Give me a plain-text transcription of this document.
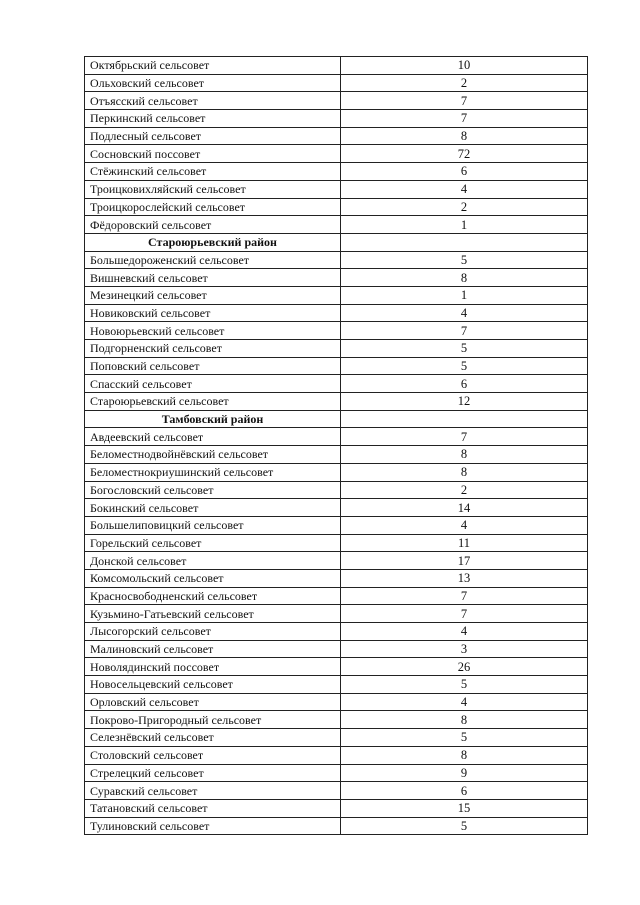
Октябрьский сельсовет	10
Ольховский сельсовет	2
Отъясский сельсовет	7
Перкинский сельсовет	7
Подлесный сельсовет	8
Сосновский поссовет	72
Стёжинский сельсовет	6
Троицковихляйский сельсовет	4
Троицкорослейский сельсовет	2
Фёдоровский сельсовет	1
Староюрьевский район	
Большедороженский сельсовет	5
Вишневский сельсовет	8
Мезинецкий сельсовет	1
Новиковский сельсовет	4
Новоюрьевский сельсовет	7
Подгорненский сельсовет	5
Поповский сельсовет	5
Спасский сельсовет	6
Староюрьевский сельсовет	12
Тамбовский район	
Авдеевский сельсовет	7
Беломестнодвойнёвский сельсовет	8
Беломестнокриушинский сельсовет	8
Богословский сельсовет	2
Бокинский сельсовет	14
Большелиповицкий сельсовет	4
Горельский сельсовет	11
Донской сельсовет	17
Комсомольский сельсовет	13
Красносвободненский сельсовет	7
Кузьмино-Гатьевский сельсовет	7
Лысогорский сельсовет	4
Малиновский сельсовет	3
Новолядинский поссовет	26
Новосельцевский сельсовет	5
Орловский сельсовет	4
Покрово-Пригородный сельсовет	8
Селезнёвский сельсовет	5
Столовский сельсовет	8
Стрелецкий сельсовет	9
Суравский сельсовет	6
Татановский сельсовет	15
Тулиновский сельсовет	5
